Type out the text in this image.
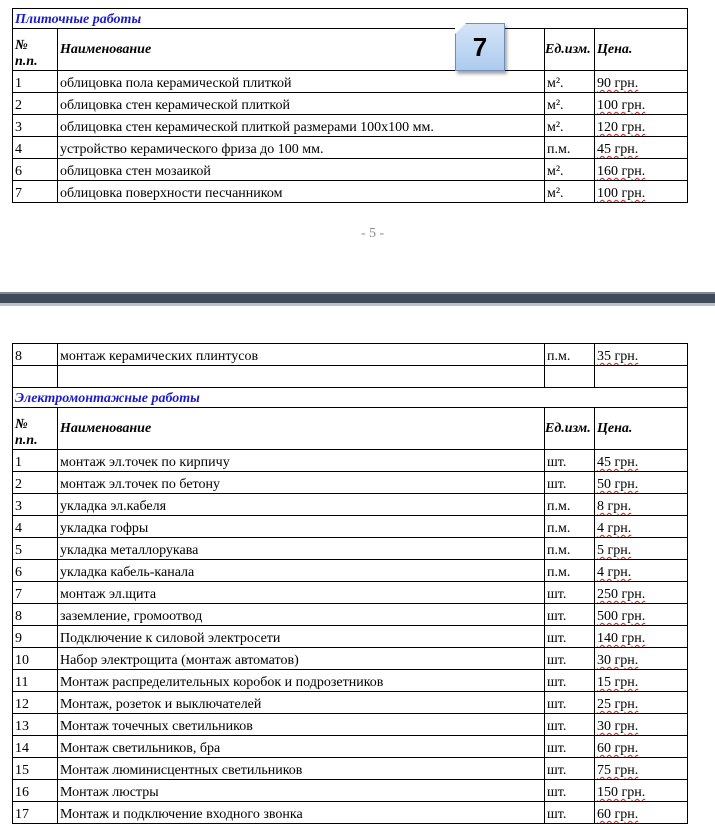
Плиточные работы			
№
п.п.	Наименование	Ед.изм.	Цена.
1	облицовка пола керамической плиткой	м².	90 грн.
2	облицовка стен керамической плиткой	м².	100 грн.
3	облицовка стен керамической плиткой размерами 100х100 мм.	м².	120 грн.
4	устройство керамического фриза до 100 мм.	п.м.	45 грн.
6	облицовка стен мозаикой	м².	160 грн.
7	облицовка поверхности песчанником	м².	100 грн.
7
- 5 -
8	монтаж керамических плинтусов	п.м.	35 грн.

Электромонтажные работы			
№
п.п.	Наименование	Ед.изм.	Цена.
1	монтаж эл.точек по кирпичу	шт.	45 грн.
2	монтаж эл.точек по бетону	шт.	50 грн.
3	укладка эл.кабеля	п.м.	8 грн.
4	укладка гофры	п.м.	4 грн.
5	укладка металлорукава	п.м.	5 грн.
6	укладка кабель-канала	п.м.	4 грн.
7	монтаж эл.щита	шт.	250 грн.
8	заземление, громоотвод	шт.	500 грн.
9	Подключение к силовой электросети	шт.	140 грн.
10	Набор электрощита (монтаж автоматов)	шт.	30 грн.
11	Монтаж распределительных коробок и подрозетников	шт.	15 грн.
12	Монтаж, розеток и выключателей	шт.	25 грн.
13	Монтаж точечных светильников	шт.	30 грн.
14	Монтаж светильников, бра	шт.	60 грн.
15	Монтаж люминисцентных светильников	шт.	75 грн.
16	Монтаж люстры	шт.	150 грн.
17	Монтаж и подключение входного звонка	шт.	60 грн.
